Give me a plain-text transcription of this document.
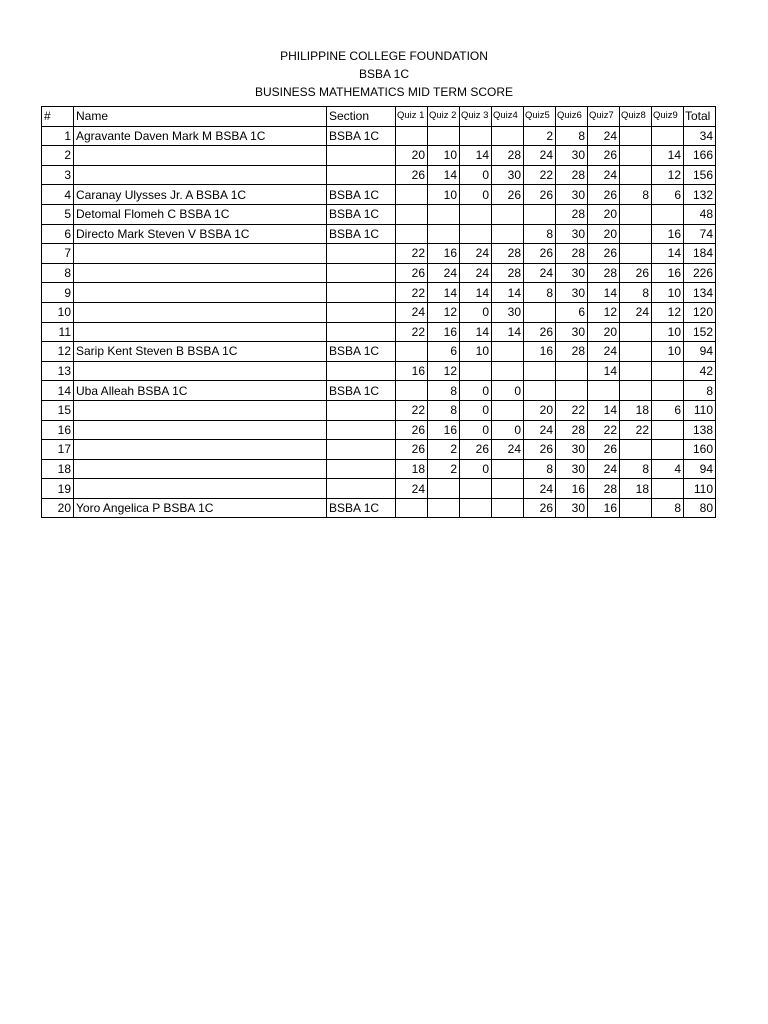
PHILIPPINE COLLEGE FOUNDATION
BSBA 1C
BUSINESS MATHEMATICS MID TERM SCORE
#	Name	Section	Quiz 1	Quiz 2	Quiz 3	Quiz4	Quiz5	Quiz6	Quiz7	Quiz8	Quiz9	Total
1	Agravante Daven Mark M BSBA 1C	BSBA 1C					2	8	24			34
2			20	10	14	28	24	30	26		14	166
3			26	14	0	30	22	28	24		12	156
4	Caranay Ulysses Jr. A BSBA 1C	BSBA 1C		10	0	26	26	30	26	8	6	132
5	Detomal Flomeh C BSBA 1C	BSBA 1C						28	20			48
6	Directo Mark Steven V BSBA 1C	BSBA 1C					8	30	20		16	74
7			22	16	24	28	26	28	26		14	184
8			26	24	24	28	24	30	28	26	16	226
9			22	14	14	14	8	30	14	8	10	134
10			24	12	0	30		6	12	24	12	120
11			22	16	14	14	26	30	20		10	152
12	Sarip Kent Steven B BSBA 1C	BSBA 1C		6	10		16	28	24		10	94
13			16	12					14			42
14	Uba Alleah BSBA 1C	BSBA 1C		8	0	0						8
15			22	8	0		20	22	14	18	6	110
16			26	16	0	0	24	28	22	22		138
17			26	2	26	24	26	30	26			160
18			18	2	0		8	30	24	8	4	94
19			24				24	16	28	18		110
20	Yoro Angelica P BSBA 1C	BSBA 1C					26	30	16		8	80
